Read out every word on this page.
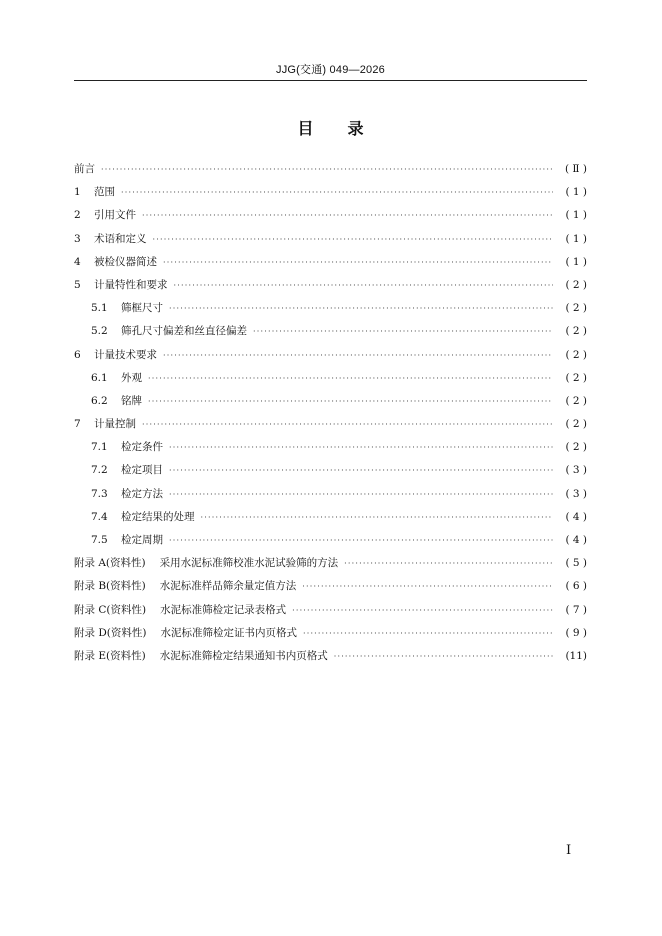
JJG(交通) 049—2026
目 录
前言 ·····	( Ⅱ )
1	范围 ·····	( 1 )
2	引用文件 ·····	( 1 )
3	术语和定义 ·····	( 1 )
4	被检仪器简述 ·····	( 1 )
5	计量特性和要求 ·····	( 2 )
5.1	筛框尺寸 ·····	( 2 )
5.2	筛孔尺寸偏差和丝直径偏差 ·····	( 2 )
6	计量技术要求 ·····	( 2 )
6.1	外观 ·····	( 2 )
6.2	铭牌 ·····	( 2 )
7	计量控制 ·····	( 2 )
7.1	检定条件 ·····	( 2 )
7.2	检定项目 ·····	( 3 )
7.3	检定方法 ·····	( 3 )
7.4	检定结果的处理 ·····	( 4 )
7.5	检定周期 ·····	( 4 )
附录 A(资料性)	采用水泥标准筛校准水泥试验筛的方法 ·····	( 5 )
附录 B(资料性)	水泥标准样品筛余量定值方法 ·····	( 6 )
附录 C(资料性)	水泥标准筛检定记录表格式 ·····	( 7 )
附录 D(资料性)	水泥标准筛检定证书内页格式 ·····	( 9 )
附录 E(资料性)	水泥标准筛检定结果通知书内页格式 ·····	(11)
I
